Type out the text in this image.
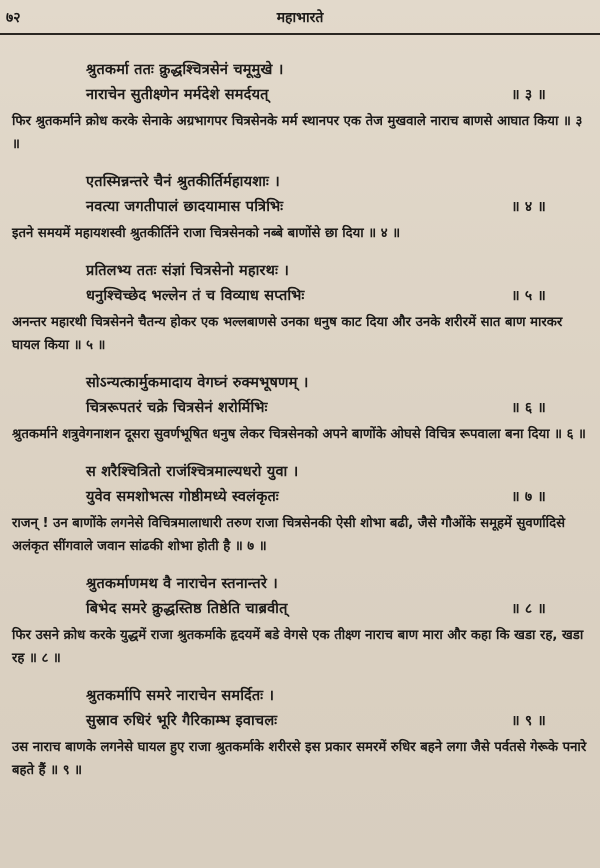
७२	महाभारते
श्रुतकर्मा ततः क्रुद्धश्चित्रसेनं चमूमुखे ।
नाराचेन सुतीक्ष्णेन मर्मदेशे समर्दयत्	॥ ३ ॥
फिर श्रुतकर्माने क्रोध करके सेनाके अग्रभागपर चित्रसेनके मर्म स्थानपर एक तेज मुखवाले नाराच बाणसे आघात किया ॥ ३ ॥
एतस्मिन्नन्तरे चैनं श्रुतकीर्तिर्महायशाः ।
नवत्या जगतीपालं छादयामास पत्रिभिः	॥ ४ ॥
इतने समयमें महायशस्वी श्रुतकीर्तिने राजा चित्रसेनको नब्बे बाणोंसे छा दिया ॥ ४ ॥
प्रतिलभ्य ततः संज्ञां चित्रसेनो महारथः ।
धनुश्चिच्छेद भल्लेन तं च विव्याध सप्तभिः	॥ ५ ॥
अनन्तर महारथी चित्रसेनने चैतन्य होकर एक भल्लबाणसे उनका धनुष काट दिया और उनके शरीरमें सात बाण मारकर घायल किया ॥ ५ ॥
सोऽन्यत्कार्मुकमादाय वेगघ्नं रुक्मभूषणम् ।
चित्ररूपतरं चक्रे चित्रसेनं शरोर्मिभिः	॥ ६ ॥
श्रुतकर्माने शत्रुवेगनाशन दूसरा सुवर्णभूषित धनुष लेकर चित्रसेनको अपने बाणोंके ओघसे विचित्र रूपवाला बना दिया ॥ ६ ॥
स शरैश्चित्रितो राजंश्चित्रमाल्यधरो युवा ।
युवेव समशोभत्स गोष्ठीमध्ये स्वलंकृतः	॥ ७ ॥
राजन् ! उन बाणोंके लगनेसे विचित्रमालाधारी तरुण राजा चित्रसेनकी ऐसी शोभा बढी, जैसे गौओंके समूहमें सुवर्णादिसे अलंकृत सींगवाले जवान सांढकी शोभा होती है ॥ ७ ॥
श्रुतकर्माणमथ वै नाराचेन स्तनान्तरे ।
बिभेद समरे क्रुद्धस्तिष्ठ तिष्ठेति चाब्रवीत्	॥ ८ ॥
फिर उसने क्रोध करके युद्धमें राजा श्रुतकर्माके हृदयमें बडे वेगसे एक तीक्ष्ण नाराच बाण मारा और कहा कि खडा रह, खडा रह ॥ ८ ॥
श्रुतकर्मापि समरे नाराचेन समर्दितः ।
सुस्राव रुधिरं भूरि गैरिकाम्भ इवाचलः	॥ ९ ॥
उस नाराच बाणके लगनेसे घायल हुए राजा श्रुतकर्माके शरीरसे इस प्रकार समरमें रुधिर बहने लगा जैसे पर्वतसे गेरूके पनारे बहते हैं ॥ ९ ॥
